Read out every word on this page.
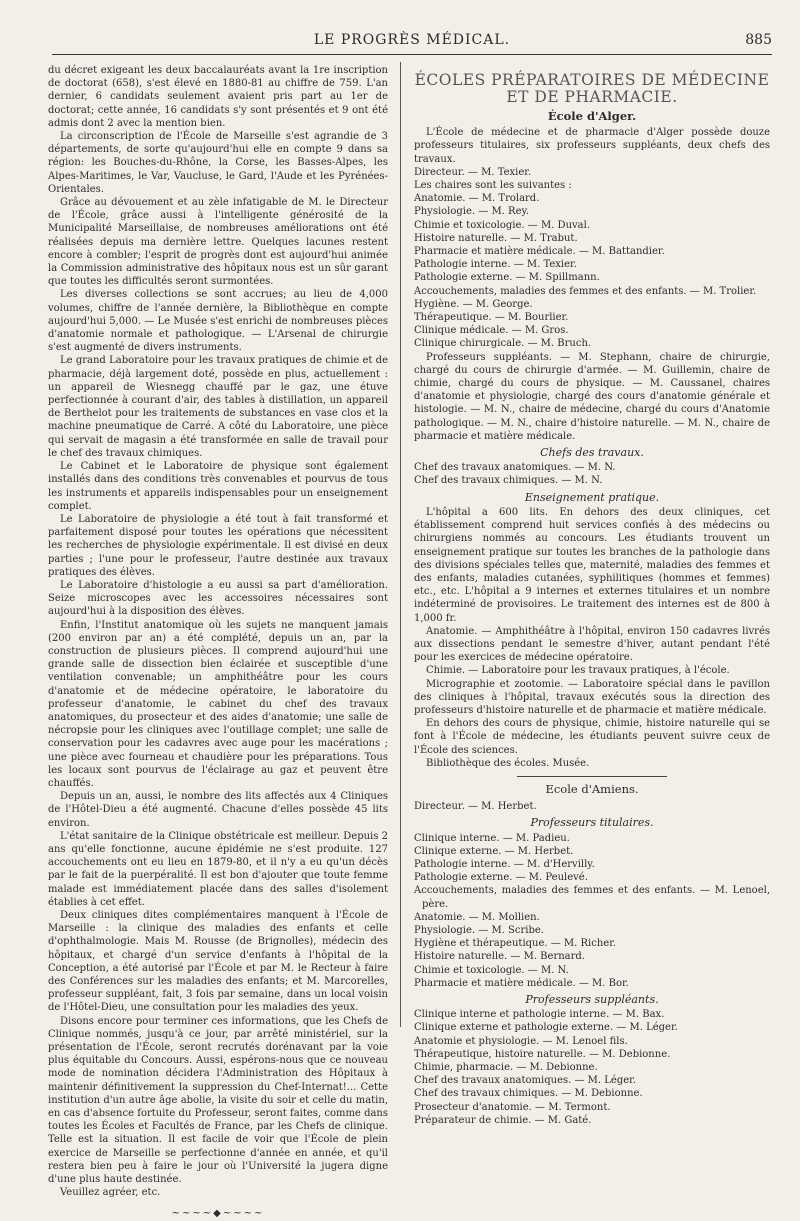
LE PROGRÈS MÉDICAL.	885

du décret exigeant les deux baccalauréats avant la 1re inscription de doctorat (658), s'est élevé en 1880-81 au chiffre de 759. L'an dernier, 6 candidats seulement avaient pris part au 1er de doctorat; cette année, 16 candidats s'y sont présentés et 9 ont été admis dont 2 avec la mention bien.

La circonscription de l'École de Marseille s'est agrandie de 3 départements, de sorte qu'aujourd'hui elle en compte 9 dans sa région: les Bouches-du-Rhône, la Corse, les Basses-Alpes, les Alpes-Maritimes, le Var, Vaucluse, le Gard, l'Aude et les Pyrénées-Orientales.

Grâce au dévouement et au zèle infatigable de M. le Directeur de l'École, grâce aussi à l'intelligente générosité de la Municipalité Marseillaise, de nombreuses améliorations ont été réalisées depuis ma dernière lettre. Quelques lacunes restent encore à combler; l'esprit de progrès dont est aujourd'hui animée la Commission administrative des hôpitaux nous est un sûr garant que toutes les difficultés seront surmontées.

Les diverses collections se sont accrues; au lieu de 4,000 volumes, chiffre de l'année dernière, la Bibliothèque en compte aujourd'hui 5,000. — Le Musée s'est enrichi de nombreuses pièces d'anatomie normale et pathologique. — L'Arsenal de chirurgie s'est augmenté de divers instruments.

Le grand Laboratoire pour les travaux pratiques de chimie et de pharmacie, déjà largement doté, possède en plus, actuellement : un appareil de Wiesnegg chauffé par le gaz, une étuve perfectionnée à courant d'air, des tables à distillation, un appareil de Berthelot pour les traitements de substances en vase clos et la machine pneumatique de Carré. A côté du Laboratoire, une pièce qui servait de magasin a été transformée en salle de travail pour le chef des travaux chimiques.

Le Cabinet et le Laboratoire de physique sont également installés dans des conditions très convenables et pourvus de tous les instruments et appareils indispensables pour un enseignement complet.

Le Laboratoire de physiologie a été tout à fait transformé et parfaitement disposé pour toutes les opérations que nécessitent les recherches de physiologie expérimentale. Il est divisé en deux parties ; l'une pour le professeur, l'autre destinée aux travaux pratiques des élèves.

Le Laboratoire d'histologie a eu aussi sa part d'amélioration. Seize microscopes avec les accessoires nécessaires sont aujourd'hui à la disposition des élèves.

Enfin, l'Institut anatomique où les sujets ne manquent jamais (200 environ par an) a été complété, depuis un an, par la construction de plusieurs pièces. Il comprend aujourd'hui une grande salle de dissection bien éclairée et susceptible d'une ventilation convenable; un amphithéâtre pour les cours d'anatomie et de médecine opératoire, le laboratoire du professeur d'anatomie, le cabinet du chef des travaux anatomiques, du prosecteur et des aides d'anatomie; une salle de nécropsie pour les cliniques avec l'outillage complet; une salle de conservation pour les cadavres avec auge pour les macérations ; une pièce avec fourneau et chaudière pour les préparations. Tous les locaux sont pourvus de l'éclairage au gaz et peuvent être chauffés.

Depuis un an, aussi, le nombre des lits affectés aux 4 Cliniques de l'Hôtel-Dieu a été augmenté. Chacune d'elles possède 45 lits environ.

L'état sanitaire de la Clinique obstétricale est meilleur. Depuis 2 ans qu'elle fonctionne, aucune épidémie ne s'est produite. 127 accouchements ont eu lieu en 1879-80, et il n'y a eu qu'un décès par le fait de la puerpéralité. Il est bon d'ajouter que toute femme malade est immédiatement placée dans des salles d'isolement établies à cet effet.

Deux cliniques dites complémentaires manquent à l'École de Marseille : la clinique des maladies des enfants et celle d'ophthalmologie. Mais M. Rousse (de Brignolles), médecin des hôpitaux, et chargé d'un service d'enfants à l'hôpital de la Conception, a été autorisé par l'École et par M. le Recteur à faire des Conférences sur les maladies des enfants; et M. Marcorelles, professeur suppléant, fait, 3 fois par semaine, dans un local voisin de l'Hôtel-Dieu, une consultation pour les maladies des yeux.

Disons encore pour terminer ces informations, que les Chefs de Clinique nommés, jusqu'à ce jour, par arrêté ministériel, sur la présentation de l'École, seront recrutés dorénavant par la voie plus équitable du Concours. Aussi, espérons-nous que ce nouveau mode de nomination décidera l'Administration des Hôpitaux à maintenir définitivement la suppression du Chef-Internat!... Cette institution d'un autre âge abolie, la visite du soir et celle du matin, en cas d'absence fortuite du Professeur, seront faites, comme dans toutes les Écoles et Facultés de France, par les Chefs de clinique. Telle est la situation. Il est facile de voir que l'École de plein exercice de Marseille se perfectionne d'année en année, et qu'il restera bien peu à faire le jour où l'Université la jugera digne d'une plus haute destinée.

Veuillez agréer, etc.

~~~~◆~~~~
ÉCOLES PRÉPARATOIRES DE MÉDECINE ET DE PHARMACIE.
École d'Alger.

L'École de médecine et de pharmacie d'Alger possède douze professeurs titulaires, six professeurs suppléants, deux chefs des travaux.

Directeur. — M. Texier.

Les chaires sont les suivantes :

Anatomie. — M. Trolard.

Physiologie. — M. Rey.

Chimie et toxicologie. — M. Duval.

Histoire naturelle. — M. Trabut.

Pharmacie et matière médicale. — M. Battandier.

Pathologie interne. — M. Texier.

Pathologie externe. — M. Spillmann.

Accouchements, maladies des femmes et des enfants. — M. Trolier.

Hygiène. — M. George.

Thérapeutique. — M. Bourlier.

Clinique médicale. — M. Gros.

Clinique chirurgicale. — M. Bruch.

Professeurs suppléants. — M. Stephann, chaire de chirurgie, chargé du cours de chirurgie d'armée. — M. Guillemin, chaire de chimie, chargé du cours de physique. — M. Caussanel, chaires d'anatomie et physiologie, chargé des cours d'anatomie générale et histologie. — M. N., chaire de médecine, chargé du cours d'Anatomie pathologique. — M. N., chaire d'histoire naturelle. — M. N., chaire de pharmacie et matière médicale.

Chefs des travaux.

Chef des travaux anatomiques. — M. N.

Chef des travaux chimiques. — M. N.

Enseignement pratique.

L'hôpital a 600 lits. En dehors des deux cliniques, cet établissement comprend huit services confiés à des médecins ou chirurgiens nommés au concours. Les étudiants trouvent un enseignement pratique sur toutes les branches de la pathologie dans des divisions spéciales telles que, maternité, maladies des femmes et des enfants, maladies cutanées, syphilitiques (hommes et femmes) etc., etc. L'hôpital a 9 internes et externes titulaires et un nombre indéterminé de provisoires. Le traitement des internes est de 800 à 1,000 fr.

Anatomie. — Amphithéâtre à l'hôpital, environ 150 cadavres livrés aux dissections pendant le semestre d'hiver, autant pendant l'été pour les exercices de médecine opératoire.

Chimie. — Laboratoire pour les travaux pratiques, à l'école.

Micrographie et zootomie. — Laboratoire spécial dans le pavillon des cliniques à l'hôpital, travaux exécutés sous la direction des professeurs d'histoire naturelle et de pharmacie et matière médicale.

En dehors des cours de physique, chimie, histoire naturelle qui se font à l'École de médecine, les étudiants peuvent suivre ceux de l'École des sciences.

Bibliothèque des écoles. Musée.

Ecole d'Amiens.

Directeur. — M. Herbet.

Professeurs titulaires.

Clinique interne. — M. Padieu.

Clinique externe. — M. Herbet.

Pathologie interne. — M. d'Hervilly.

Pathologie externe. — M. Peulevé.

Accouchements, maladies des femmes et des enfants. — M. Lenoel, père.

Anatomie. — M. Mollien.

Physiologie. — M. Scribe.

Hygiène et thérapeutique. — M. Richer.

Histoire naturelle. — M. Bernard.

Chimie et toxicologie. — M. N.

Pharmacie et matière médicale. — M. Bor.

Professeurs suppléants.

Clinique interne et pathologie interne. — M. Bax.

Clinique externe et pathologie externe. — M. Léger.

Anatomie et physiologie. — M. Lenoel fils.

Thérapeutique, histoire naturelle. — M. Debionne.

Chimie, pharmacie. — M. Debionne.

Chef des travaux anatomiques. — M. Léger.

Chef des travaux chimiques. — M. Debionne.

Prosecteur d'anatomie. — M. Termont.

Préparateur de chimie. — M. Gaté.
